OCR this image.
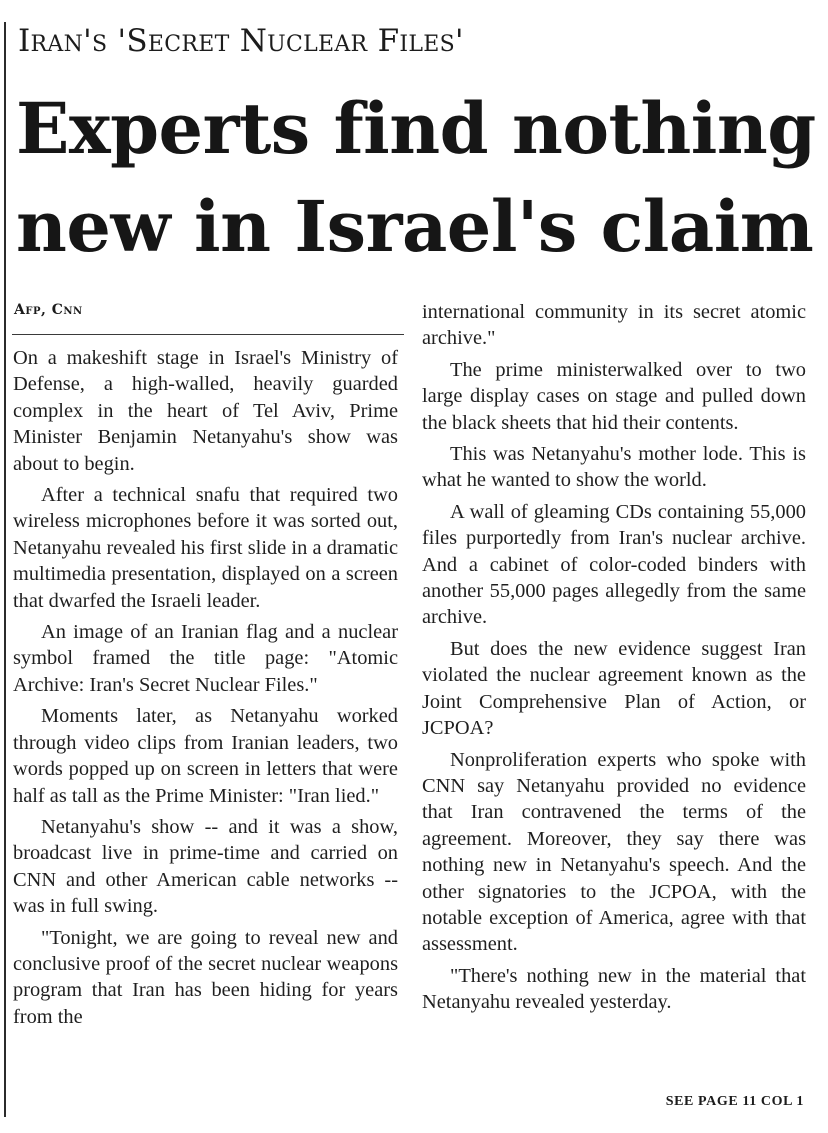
Iran's 'Secret Nuclear Files'
Experts find nothing
new in Israel's claim
Afp, Cnn

On a makeshift stage in Israel's Ministry of Defense, a high-walled, heavily guarded complex in the heart of Tel Aviv, Prime Minister Benjamin Netanyahu's show was about to begin.

After a technical snafu that required two wireless microphones before it was sorted out, Netanyahu revealed his first slide in a dramatic multimedia presentation, displayed on a screen that dwarfed the Israeli leader.

An image of an Iranian flag and a nuclear symbol framed the title page: "Atomic Archive: Iran's Secret Nuclear Files."

Moments later, as Netanyahu worked through video clips from Iranian leaders, two words popped up on screen in letters that were half as tall as the Prime Minister: "Iran lied."

Netanyahu's show -- and it was a show, broadcast live in prime-time and carried on CNN and other American cable networks -- was in full swing.

"Tonight, we are going to reveal new and conclusive proof of the secret nuclear weapons program that Iran has been hiding for years from the

international community in its secret atomic archive."

The prime ministerwalked over to two large display cases on stage and pulled down the black sheets that hid their contents.

This was Netanyahu's mother lode. This is what he wanted to show the world.

A wall of gleaming CDs containing 55,000 files purportedly from Iran's nuclear archive. And a cabinet of color-coded binders with another 55,000 pages allegedly from the same archive.

But does the new evidence suggest Iran violated the nuclear agreement known as the Joint Comprehensive Plan of Action, or JCPOA?

Nonproliferation experts who spoke with CNN say Netanyahu provided no evidence that Iran contravened the terms of the agreement. Moreover, they say there was nothing new in Netanyahu's speech. And the other signatories to the JCPOA, with the notable exception of America, agree with that assessment.

"There's nothing new in the material that Netanyahu revealed yesterday.

SEE PAGE 11 COL 1
